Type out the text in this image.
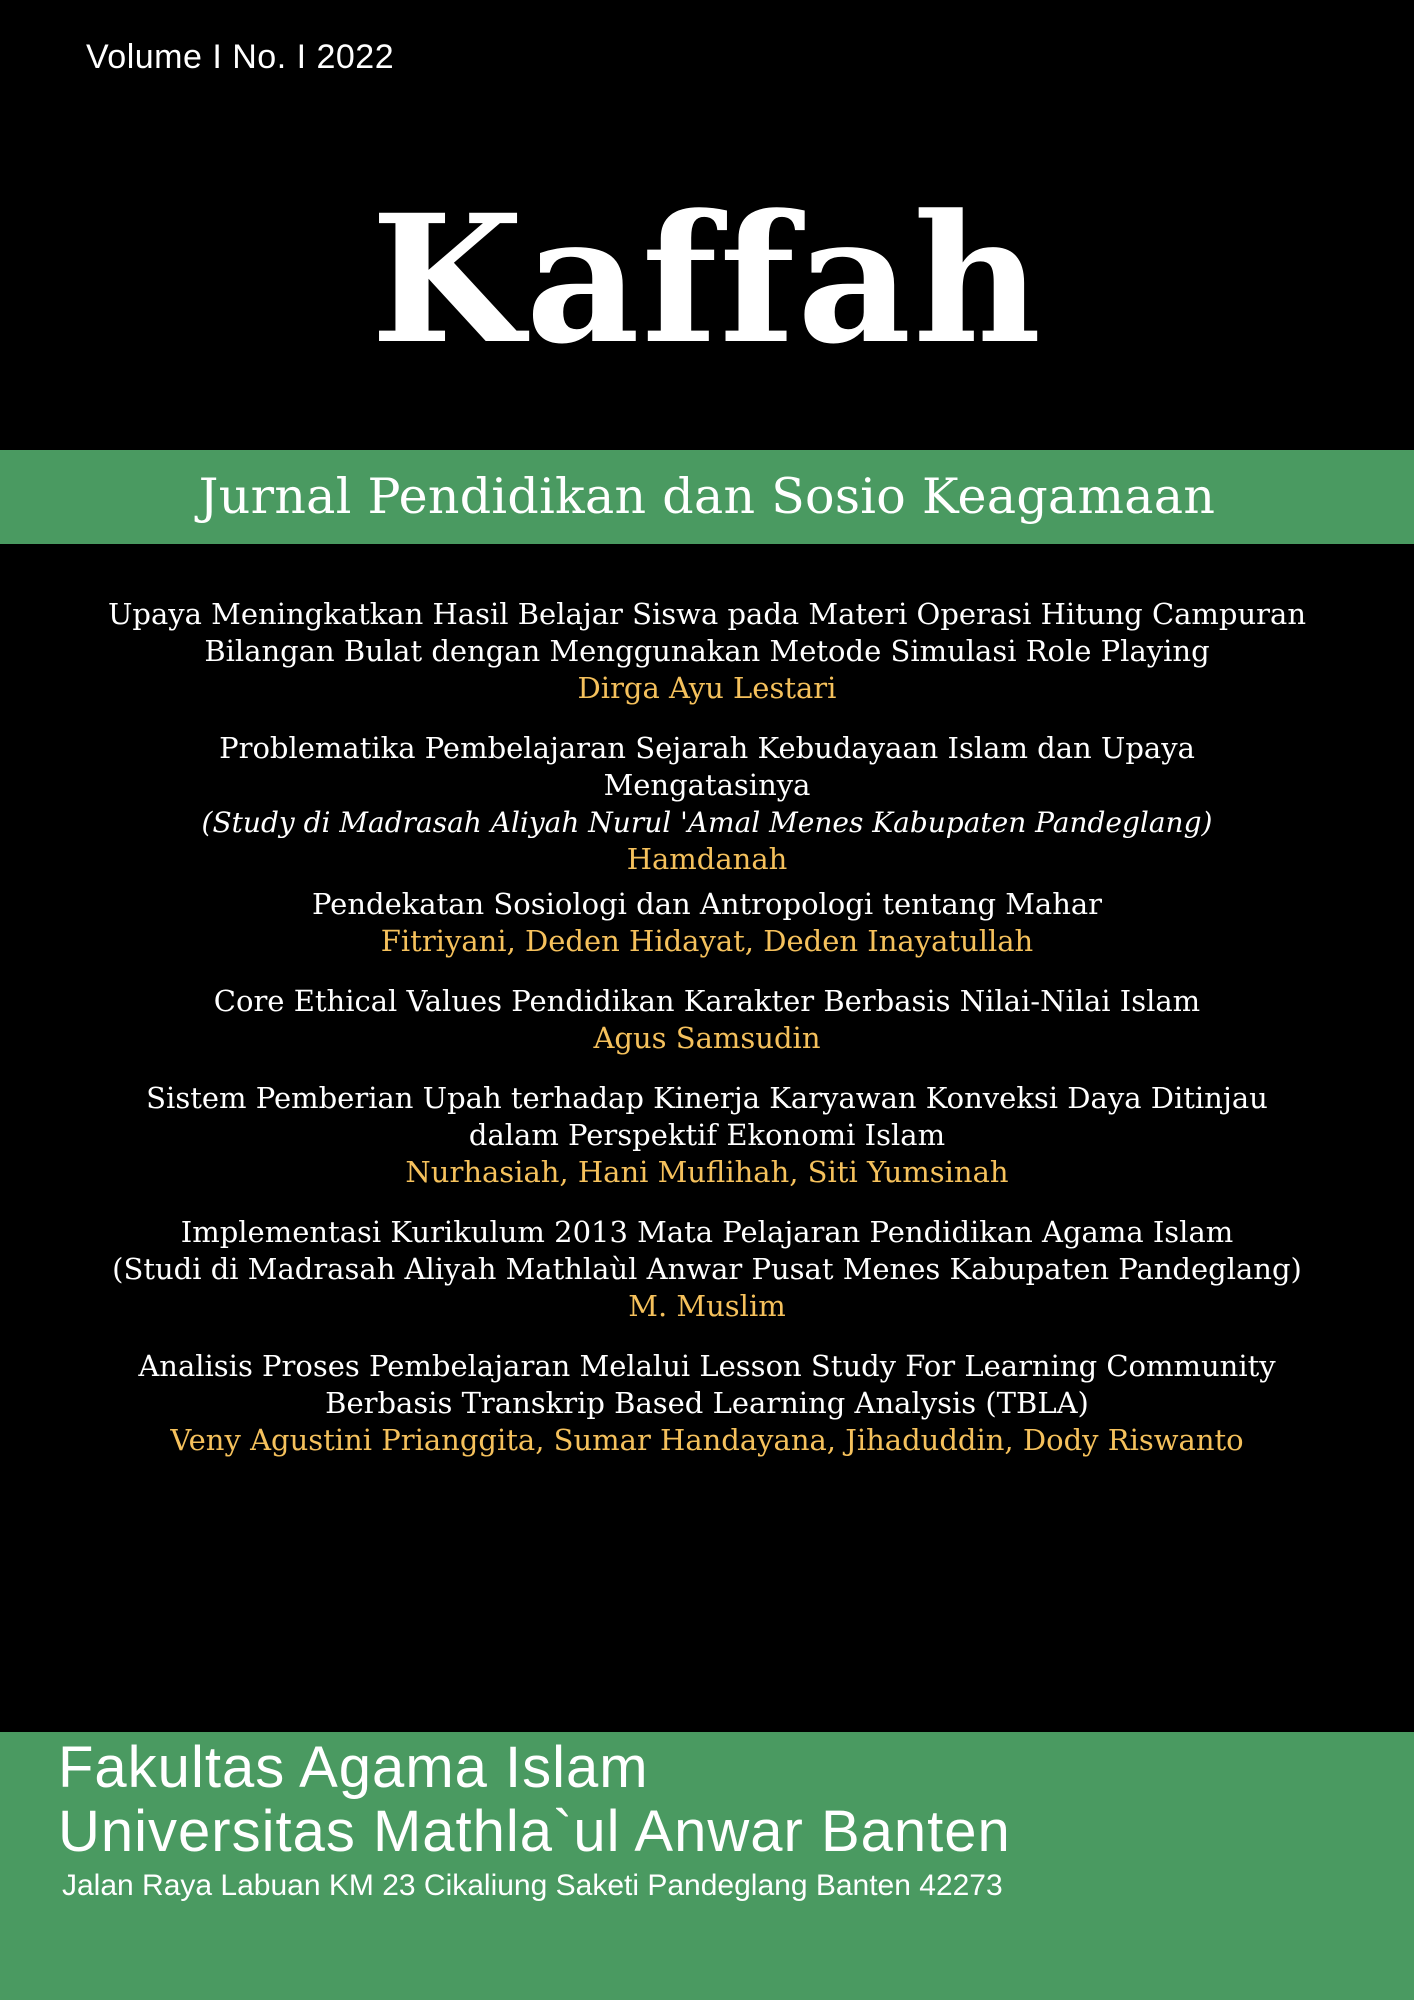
Volume I No. I 2022
Kaffah
Jurnal Pendidikan dan Sosio Keagamaan
Upaya Meningkatkan Hasil Belajar Siswa pada Materi Operasi Hitung Campuran
Bilangan Bulat dengan Menggunakan Metode Simulasi Role Playing
Dirga Ayu Lestari
Problematika Pembelajaran Sejarah Kebudayaan Islam dan Upaya
Mengatasinya
(Study di Madrasah Aliyah Nurul 'Amal Menes Kabupaten Pandeglang)
Hamdanah
Pendekatan Sosiologi dan Antropologi tentang Mahar
Fitriyani, Deden Hidayat, Deden Inayatullah
Core Ethical Values Pendidikan Karakter Berbasis Nilai-Nilai Islam
Agus Samsudin
Sistem Pemberian Upah terhadap Kinerja Karyawan Konveksi Daya Ditinjau
dalam Perspektif Ekonomi Islam
Nurhasiah, Hani Muflihah, Siti Yumsinah
Implementasi Kurikulum 2013 Mata Pelajaran Pendidikan Agama Islam
(Studi di Madrasah Aliyah Mathlaùl Anwar Pusat Menes Kabupaten Pandeglang)
M. Muslim
Analisis Proses Pembelajaran Melalui Lesson Study For Learning Community
Berbasis Transkrip Based Learning Analysis (TBLA)
Veny Agustini Prianggita, Sumar Handayana, Jihaduddin, Dody Riswanto
Fakultas Agama Islam
Universitas Mathla`ul Anwar Banten
Jalan Raya Labuan KM 23 Cikaliung Saketi Pandeglang Banten 42273
